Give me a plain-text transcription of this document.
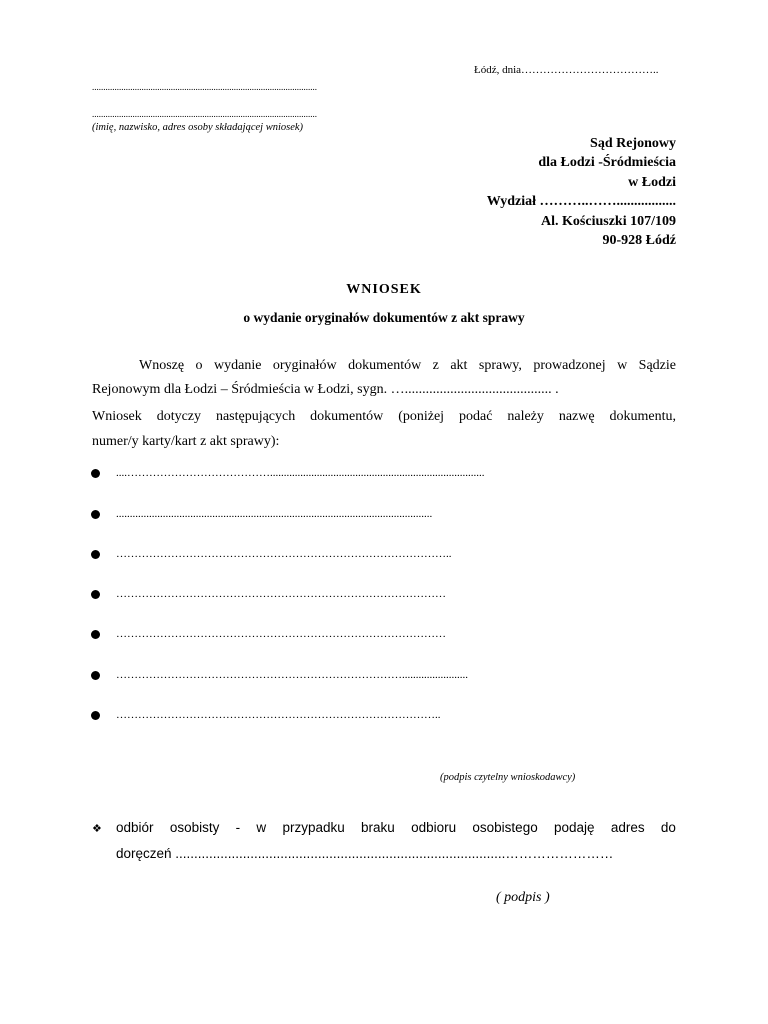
Łódź, dnia………………………………..
....................................................................................................
....................................................................................................
(imię, nazwisko, adres osoby składającej wniosek)
Sąd Rejonowy
dla Łodzi -Śródmieścia
w Łodzi
Wydział ………..…….................
Al. Kościuszki 107/109
90-928 Łódź
WNIOSEK
o wydanie oryginałów dokumentów z akt sprawy
Wnoszę o wydanie oryginałów dokumentów z akt sprawy, prowadzonej w Sądzie
Rejonowym dla Łodzi – Śródmieścia w Łodzi, sygn. ….......................................... .
Wniosek dotyczy następujących dokumentów (poniżej podać należy nazwę dokumentu,
numer/y karty/kart z akt sprawy):
....…………………………………..............................................................................
...................................................................................................................
………………………………………………………………………………..
………………………………………………………………………………
………………………………………………………………………………
……………………………………………………………………........................
……………………………………………………………………………..
(podpis czytelny wnioskodawcy)
❖ odbiór osobisty - w przypadku braku odbioru osobistego podaję adres do
doręczeń ........................................................................................……………………
( podpis )
